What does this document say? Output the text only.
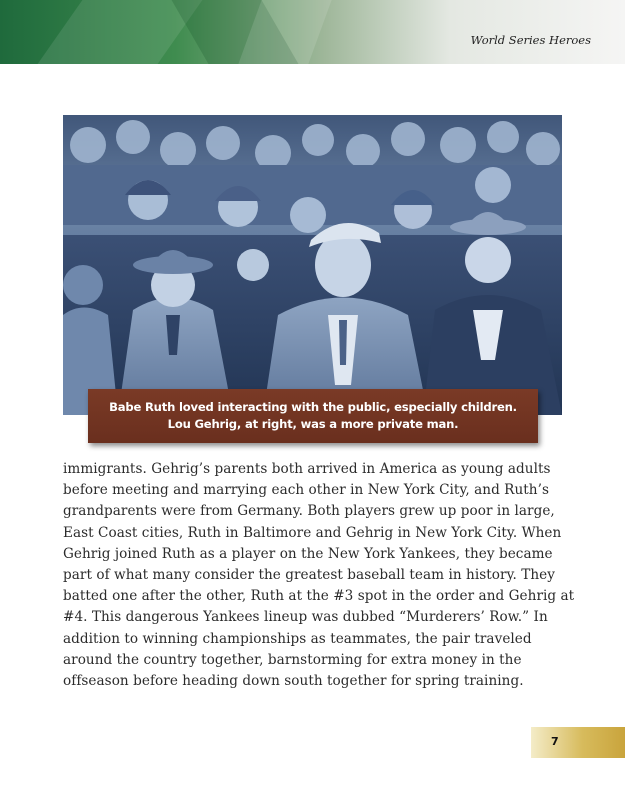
World Series Heroes
Babe Ruth loved interacting with the public, especially children.
Lou Gehrig, at right, was a more private man.
immigrants. Gehrig’s parents both arrived in America as young adults
before meeting and marrying each other in New York City, and Ruth’s
grandparents were from Germany. Both players grew up poor in large,
East Coast cities, Ruth in Baltimore and Gehrig in New York City. When
Gehrig joined Ruth as a player on the New York Yankees, they became
part of what many consider the greatest baseball team in history. They
batted one after the other, Ruth at the #3 spot in the order and Gehrig at
#4. This dangerous Yankees lineup was dubbed “Murderers’ Row.” In
addition to winning championships as teammates, the pair traveled
around the country together, barnstorming for extra money in the
offseason before heading down south together for spring training.
7
